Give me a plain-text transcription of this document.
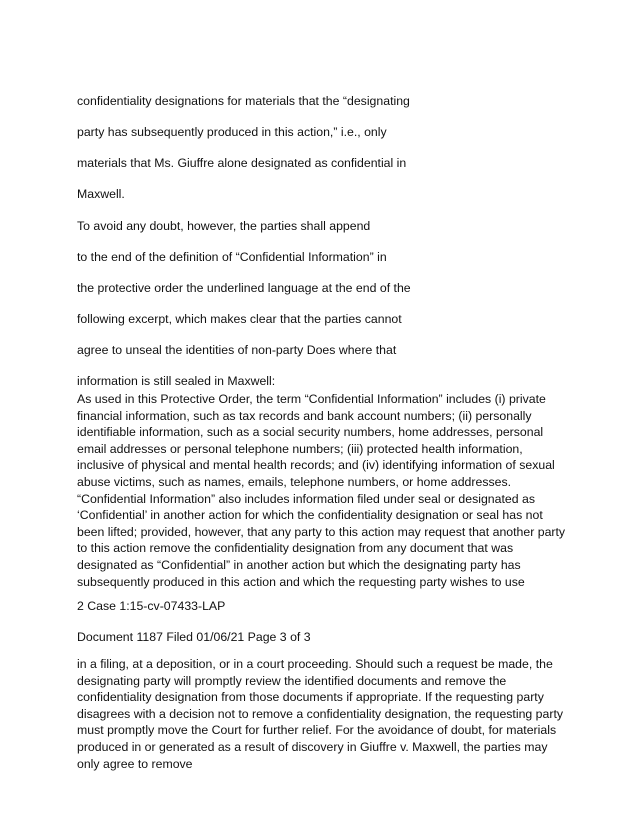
confidentiality designations for materials that the “designating
party has subsequently produced in this action,” i.e., only
materials that Ms. Giuffre alone designated as confidential in
Maxwell.
To avoid any doubt, however, the parties shall append
to the end of the definition of “Confidential Information” in
the protective order the underlined language at the end of the
following excerpt, which makes clear that the parties cannot
agree to unseal the identities of non-party Does where that
information is still sealed in Maxwell:

As used in this Protective Order, the term “Confidential Information” includes (i) private financial information, such as tax records and bank account numbers; (ii) personally identifiable information, such as a social security numbers, home addresses, personal email addresses or personal telephone numbers; (iii) protected health information, inclusive of physical and mental health records; and (iv) identifying information of sexual abuse victims, such as names, emails, telephone numbers, or home addresses. “Confidential Information” also includes information filed under seal or designated as ‘Confidential’ in another action for which the confidentiality designation or seal has not been lifted; provided, however, that any party to this action may request that another party to this action remove the confidentiality designation from any document that was designated as “Confidential” in another action but which the designating party has subsequently produced in this action and which the requesting party wishes to use

2 Case 1:15-cv-07433-LAP
Document 1187 Filed 01/06/21 Page 3 of 3

in a filing, at a deposition, or in a court proceeding. Should such a request be made, the designating party will promptly review the identified documents and remove the confidentiality designation from those documents if appropriate. If the requesting party disagrees with a decision not to remove a confidentiality designation, the requesting party must promptly move the Court for further relief. For the avoidance of doubt, for materials produced in or generated as a result of discovery in Giuffre v. Maxwell, the parties may only agree to remove
